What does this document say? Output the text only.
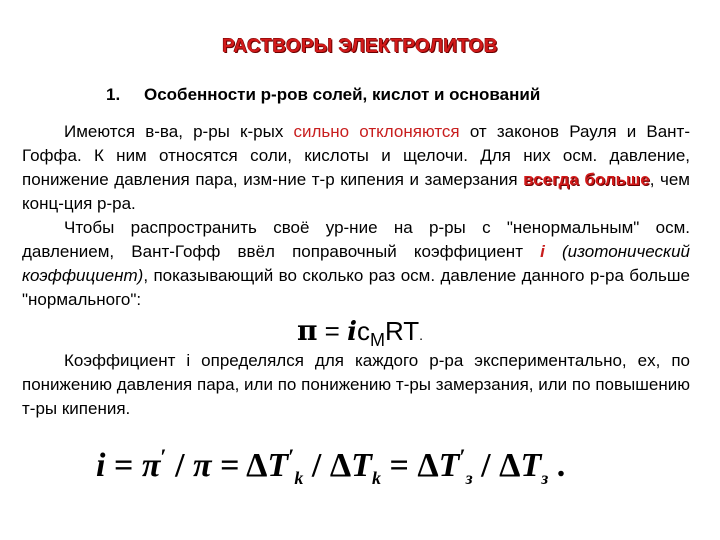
РАСТВОРЫ ЭЛЕКТРОЛИТОВ
1. Особенности р-ров солей, кислот и оснований

Имеются в-ва, р-ры к-рых сильно отклоняются от законов Рауля и Вант-Гоффа. К ним относятся соли, кислоты и щелочи. Для них осм. давление, понижение давления пара, изм-ние т-р кипения и замерзания всегда больше, чем конц-ция р-ра.

Чтобы распространить своё ур-ние на р-ры с "ненормальным" осм. давлением, Вант-Гофф ввёл поправочный коэффициент i (изотонический коэффициент), показывающий во сколько раз осм. давление данного р-ра больше "нормального":

$\pi = ic_MRT$.

Коэффициент i определялся для каждого р-ра экспериментально, ex, по понижению давления пара, или по понижению т-ры замерзания, или по повышению т-ры кипения.

$i = \pi' / \pi = \Delta T'_k / \Delta T_k = \Delta T'_з / \Delta T_з$ .
